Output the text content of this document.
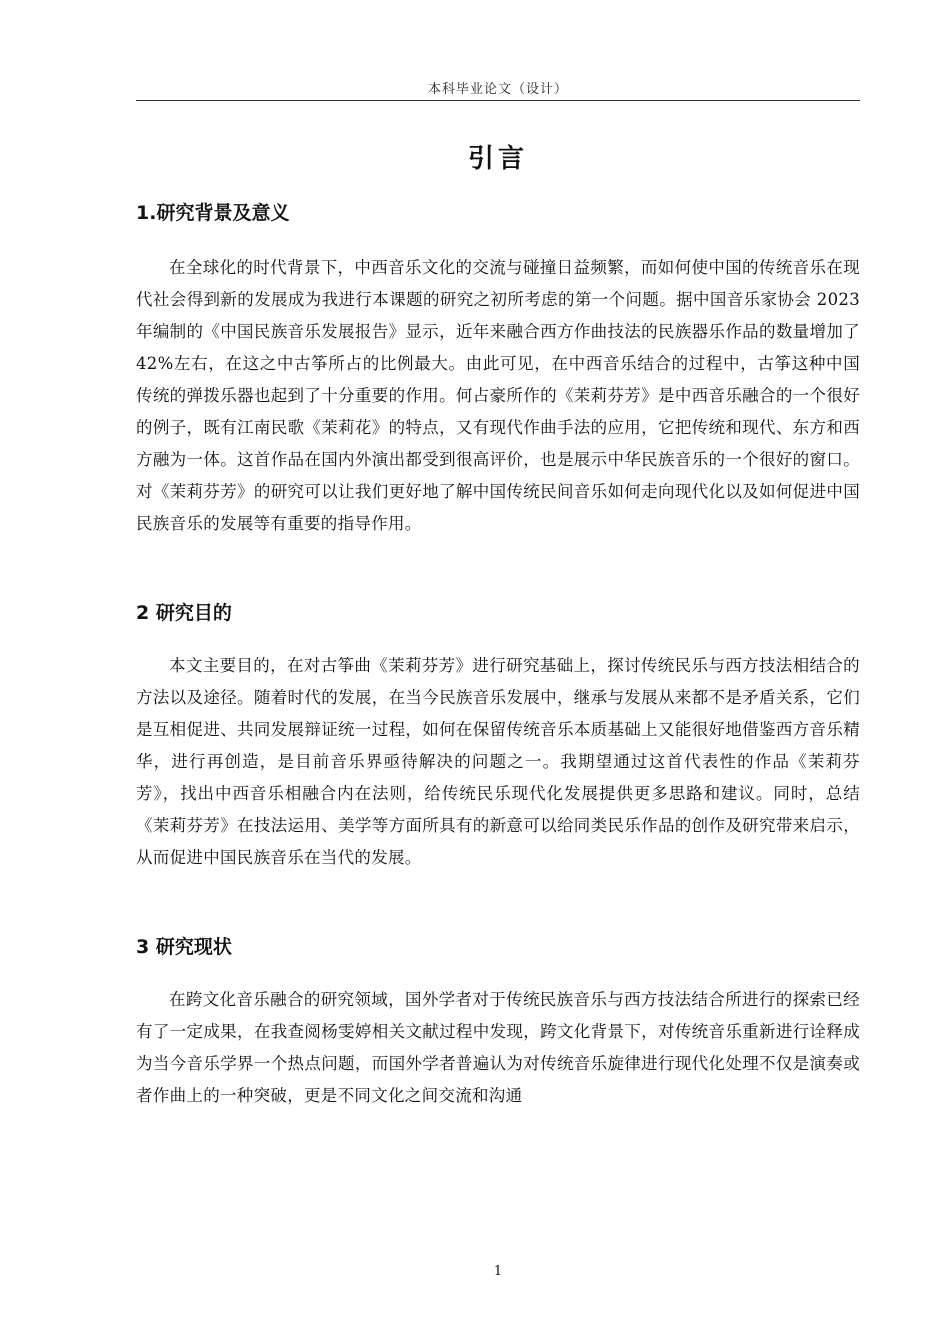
本科毕业论文（设计）
引言
1.研究背景及意义

在全球化的时代背景下，中西音乐文化的交流与碰撞日益频繁，而如何使中国的传统音乐在现代社会得到新的发展成为我进行本课题的研究之初所考虑的第一个问题。据中国音乐家协会 2023 年编制的《中国民族音乐发展报告》显示，近年来融合西方作曲技法的民族器乐作品的数量增加了 42%左右，在这之中古筝所占的比例最大。由此可见，在中西音乐结合的过程中，古筝这种中国传统的弹拨乐器也起到了十分重要的作用。何占豪所作的《茉莉芬芳》是中西音乐融合的一个很好的例子，既有江南民歌《茉莉花》的特点，又有现代作曲手法的应用，它把传统和现代、东方和西方融为一体。这首作品在国内外演出都受到很高评价，也是展示中华民族音乐的一个很好的窗口。对《茉莉芬芳》的研究可以让我们更好地了解中国传统民间音乐如何走向现代化以及如何促进中国民族音乐的发展等有重要的指导作用。

2 研究目的

本文主要目的，在对古筝曲《茉莉芬芳》进行研究基础上，探讨传统民乐与西方技法相结合的方法以及途径。随着时代的发展，在当今民族音乐发展中，继承与发展从来都不是矛盾关系，它们是互相促进、共同发展辩证统一过程，如何在保留传统音乐本质基础上又能很好地借鉴西方音乐精华，进行再创造，是目前音乐界亟待解决的问题之一。我期望通过这首代表性的作品《茉莉芬芳》，找出中西音乐相融合内在法则，给传统民乐现代化发展提供更多思路和建议。同时，总结《茉莉芬芳》在技法运用、美学等方面所具有的新意可以给同类民乐作品的创作及研究带来启示，从而促进中国民族音乐在当代的发展。

3 研究现状

在跨文化音乐融合的研究领域，国外学者对于传统民族音乐与西方技法结合所进行的探索已经有了一定成果，在我查阅杨雯婷相关文献过程中发现，跨文化背景下，对传统音乐重新进行诠释成为当今音乐学界一个热点问题，而国外学者普遍认为对传统音乐旋律进行现代化处理不仅是演奏或者作曲上的一种突破，更是不同文化之间交流和沟通

1
